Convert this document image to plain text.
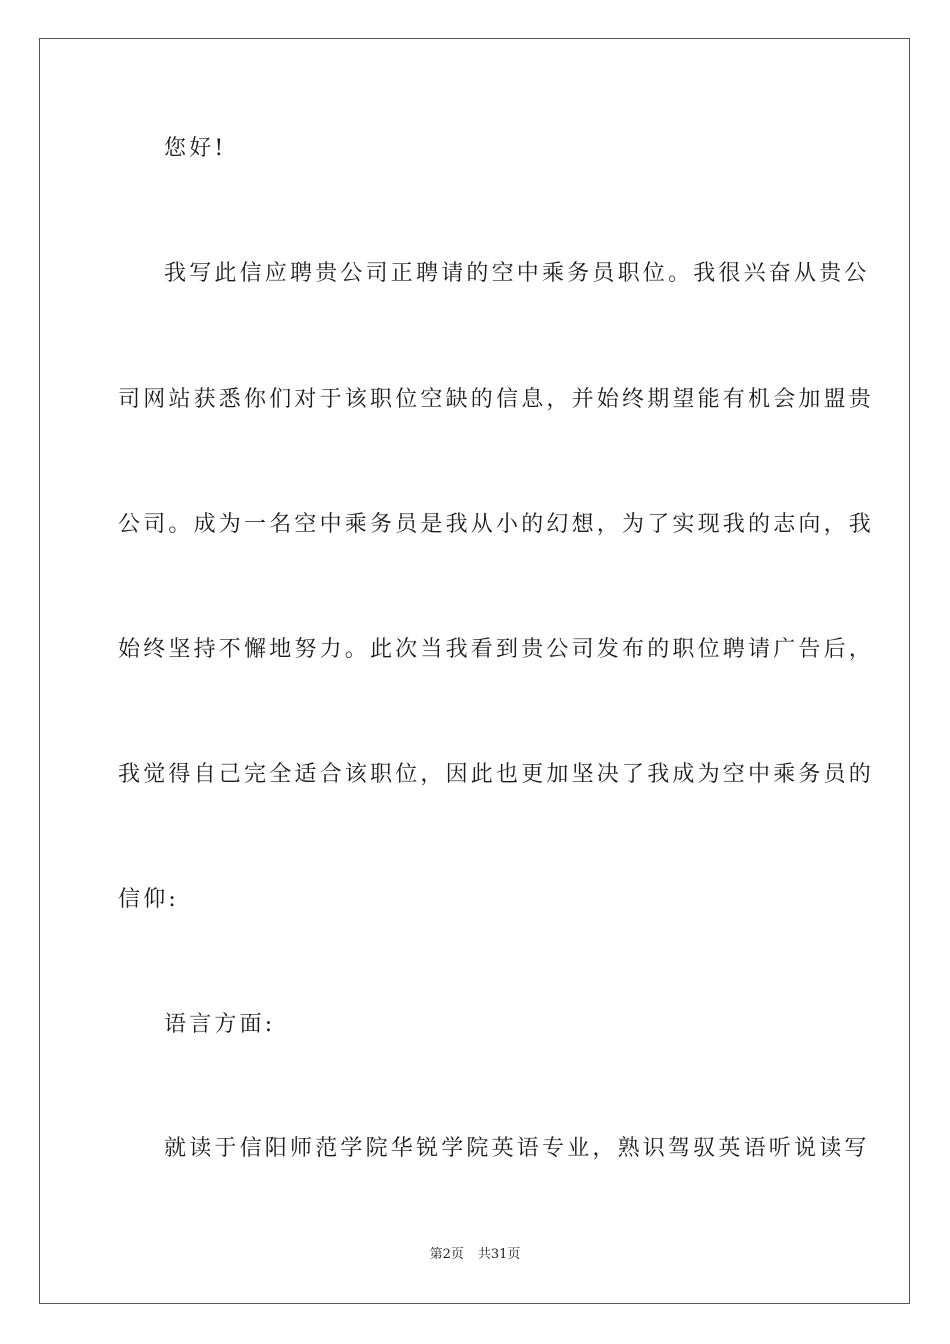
您好!
我写此信应聘贵公司正聘请的空中乘务员职位。我很兴奋从贵公
司网站获悉你们对于该职位空缺的信息，并始终期望能有机会加盟贵
公司。成为一名空中乘务员是我从小的幻想，为了实现我的志向，我
始终坚持不懈地努力。此次当我看到贵公司发布的职位聘请广告后，
我觉得自己完全适合该职位，因此也更加坚决了我成为空中乘务员的
信仰:
语言方面:
就读于信阳师范学院华锐学院英语专业，熟识驾驭英语听说读写
第2页 共31页
